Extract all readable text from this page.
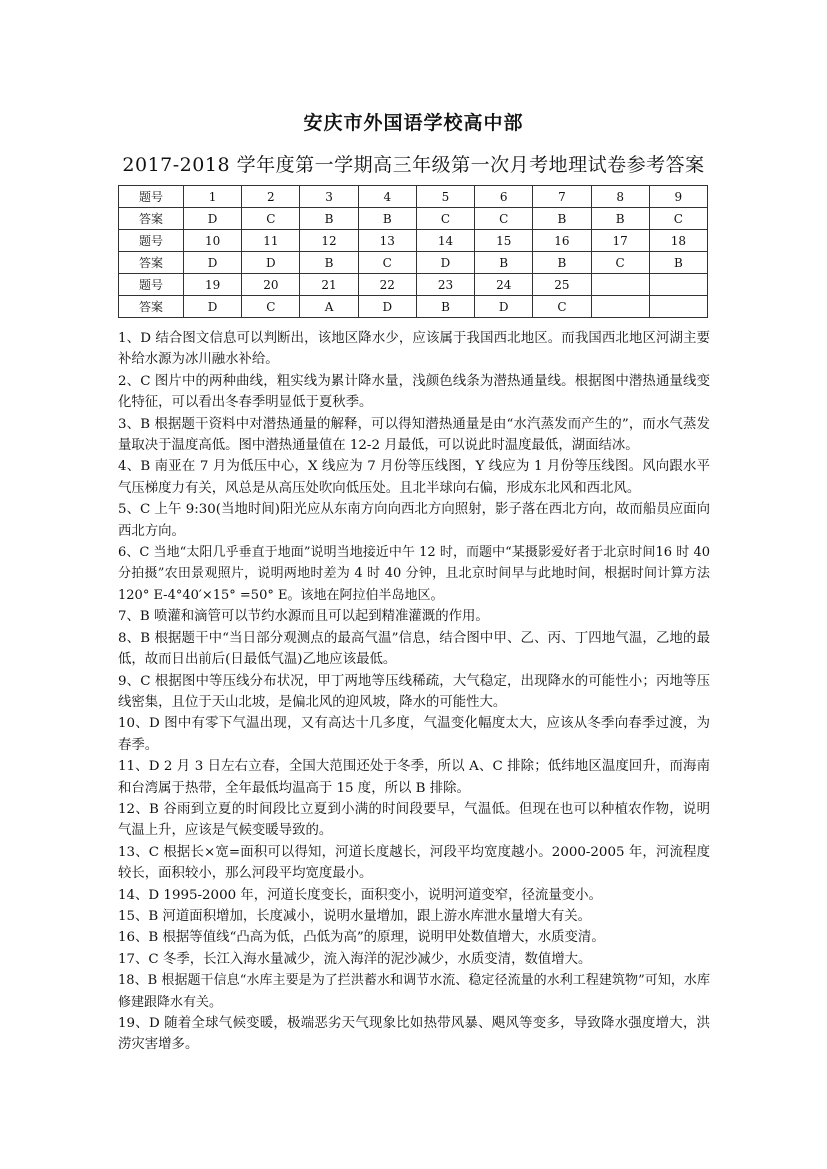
安庆市外国语学校高中部
2017-2018 学年度第一学期高三年级第一次月考地理试卷参考答案
题号	1	2	3	4	5	6	7	8	9
答案	D	C	B	B	C	C	B	B	C
题号	10	11	12	13	14	15	16	17	18
答案	D	D	B	C	D	B	B	C	B
题号	19	20	21	22	23	24	25		
答案	D	C	A	D	B	D	C		

1、D 结合图文信息可以判断出，该地区降水少，应该属于我国西北地区。而我国西北地区河湖主要补给水源为冰川融水补给。

2、C 图片中的两种曲线，粗实线为累计降水量，浅颜色线条为潜热通量线。根据图中潜热通量线变化特征，可以看出冬春季明显低于夏秋季。

3、B 根据题干资料中对潜热通量的解释，可以得知潜热通量是由“水汽蒸发而产生的”，而水气蒸发量取决于温度高低。图中潜热通量值在 12-2 月最低，可以说此时温度最低，湖面结冰。

4、B 南亚在 7 月为低压中心，X 线应为 7 月份等压线图，Y 线应为 1 月份等压线图。风向跟水平气压梯度力有关，风总是从高压处吹向低压处。且北半球向右偏，形成东北风和西北风。

5、C 上午 9:30(当地时间)阳光应从东南方向向西北方向照射，影子落在西北方向，故而船员应面向西北方向。

6、C 当地“太阳几乎垂直于地面”说明当地接近中午 12 时，而题中“某摄影爱好者于北京时间16 时 40 分拍摄”农田景观照片，说明两地时差为 4 时 40 分钟，且北京时间早与此地时间，根据时间计算方法 120° E-4°40′×15° =50° E。该地在阿拉伯半岛地区。

7、B 喷灌和滴管可以节约水源而且可以起到精准灌溉的作用。

8、B 根据题干中“当日部分观测点的最高气温”信息，结合图中甲、乙、丙、丁四地气温，乙地的最低，故而日出前后(日最低气温)乙地应该最低。

9、C 根据图中等压线分布状况，甲丁两地等压线稀疏，大气稳定，出现降水的可能性小；丙地等压线密集，且位于天山北坡，是偏北风的迎风坡，降水的可能性大。

10、D 图中有零下气温出现，又有高达十几多度，气温变化幅度太大，应该从冬季向春季过渡，为春季。

11、D 2 月 3 日左右立春，全国大范围还处于冬季，所以 A、C 排除；低纬地区温度回升，而海南和台湾属于热带，全年最低均温高于 15 度，所以 B 排除。

12、B 谷雨到立夏的时间段比立夏到小满的时间段要早，气温低。但现在也可以种植农作物，说明气温上升，应该是气候变暖导致的。

13、C 根据长×宽=面积可以得知，河道长度越长，河段平均宽度越小。2000-2005 年，河流程度较长，面积较小，那么河段平均宽度最小。

14、D 1995-2000 年，河道长度变长，面积变小，说明河道变窄，径流量变小。

15、B 河道面积增加，长度减小，说明水量增加，跟上游水库泄水量增大有关。

16、B 根据等值线“凸高为低，凸低为高”的原理，说明甲处数值增大，水质变清。

17、C 冬季，长江入海水量减少，流入海洋的泥沙减少，水质变清，数值增大。

18、B 根据题干信息“水库主要是为了拦洪蓄水和调节水流、稳定径流量的水利工程建筑物”可知，水库修建跟降水有关。

19、D 随着全球气候变暖，极端恶劣天气现象比如热带风暴、飓风等变多，导致降水强度增大，洪涝灾害增多。
